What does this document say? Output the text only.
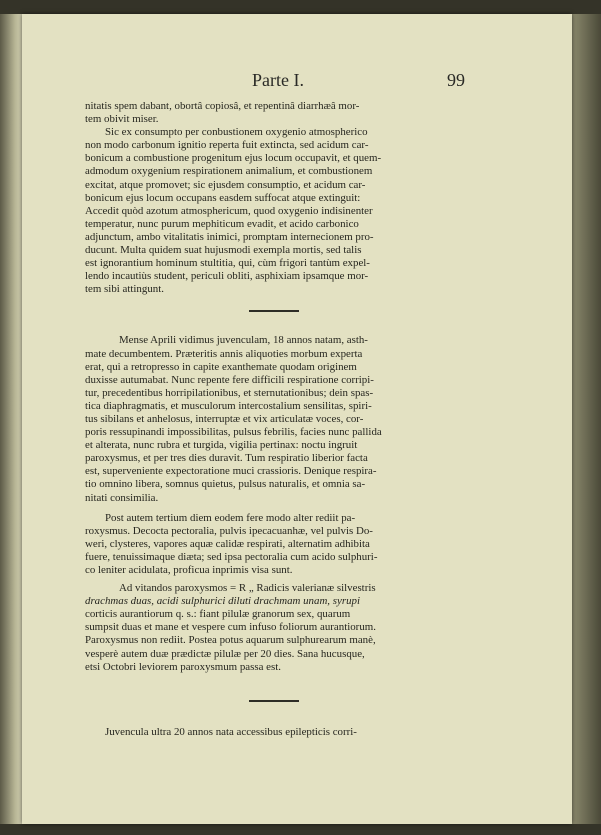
Parte I.	99
nitatis spem dabant, obortâ copiosâ, et repentinâ diarrhæâ mor-
tem obivit miser.
Sic ex consumpto per conbustionem oxygenio atmospherico
non modo carbonum ignitio reperta fuit extincta, sed acidum car-
bonicum a combustione progenitum ejus locum occupavit, et quem-
admodum oxygenium respirationem animalium, et combustionem
excitat, atque promovet; sic ejusdem consumptio, et acidum car-
bonicum ejus locum occupans easdem suffocat atque extinguit:
Accedit quòd azotum atmosphericum, quod oxygenio indisinenter
temperatur, nunc purum mephiticum evadit, et acido carbonico
adjunctum, ambo vitalitatis inimici, promptam internecionem pro-
ducunt. Multa quidem suat hujusmodi exempla mortis, sed talis
est ignorantium hominum stultitia, qui, cùm frigori tantùm expel-
lendo incautiùs student, periculi obliti, asphixiam ipsamque mor-
tem sibi attingunt.
Mense Aprili vidimus juvenculam, 18 annos natam, asth-
mate decumbentem. Præteritis annis aliquoties morbum experta
erat, qui a retropresso in capite exanthemate quodam originem
duxisse autumabat. Nunc repente fere difficili respiratione corripi-
tur, precedentibus horripilationibus, et sternutationibus; dein spas-
tica diaphragmatis, et musculorum intercostalium sensilitas, spiri-
tus sibilans et anhelosus, interruptæ et vix articulatæ voces, cor-
poris ressupinandi impossibilitas, pulsus febrilis, facies nunc pallida
et alterata, nunc rubra et turgida, vigilia pertinax: noctu ingruit
paroxysmus, et per tres dies duravit. Tum respiratio liberior facta
est, superveniente expectoratione muci crassioris. Denique respira-
tio omnino libera, somnus quietus, pulsus naturalis, et omnia sa-
nitati consimilia.
Post autem tertium diem eodem fere modo alter rediit pa-
roxysmus. Decocta pectoralia, pulvis ipecacuanhæ, vel pulvis Do-
weri, clysteres, vapores aquæ calidæ respirati, alternatim adhibita
fuere, tenuissimaque diæta; sed ipsa pectoralia cum acido sulphuri-
co leniter acidulata, proficua inprimis visa sunt.
Ad vitandos paroxysmos = R „ Radicis valerianæ silvestris
drachmas duas, acidi sulphurici diluti drachmam unam, syrupi
corticis aurantiorum q. s.: fiant pilulæ granorum sex, quarum
sumpsit duas et mane et vespere cum infuso foliorum aurantiorum.
Paroxysmus non rediit. Postea potus aquarum sulphurearum manè,
vesperè autem duæ prædictæ pilulæ per 20 dies. Sana hucusque,
etsi Octobri leviorem paroxysmum passa est.
Juvencula ultra 20 annos nata accessibus epilepticis corri-
